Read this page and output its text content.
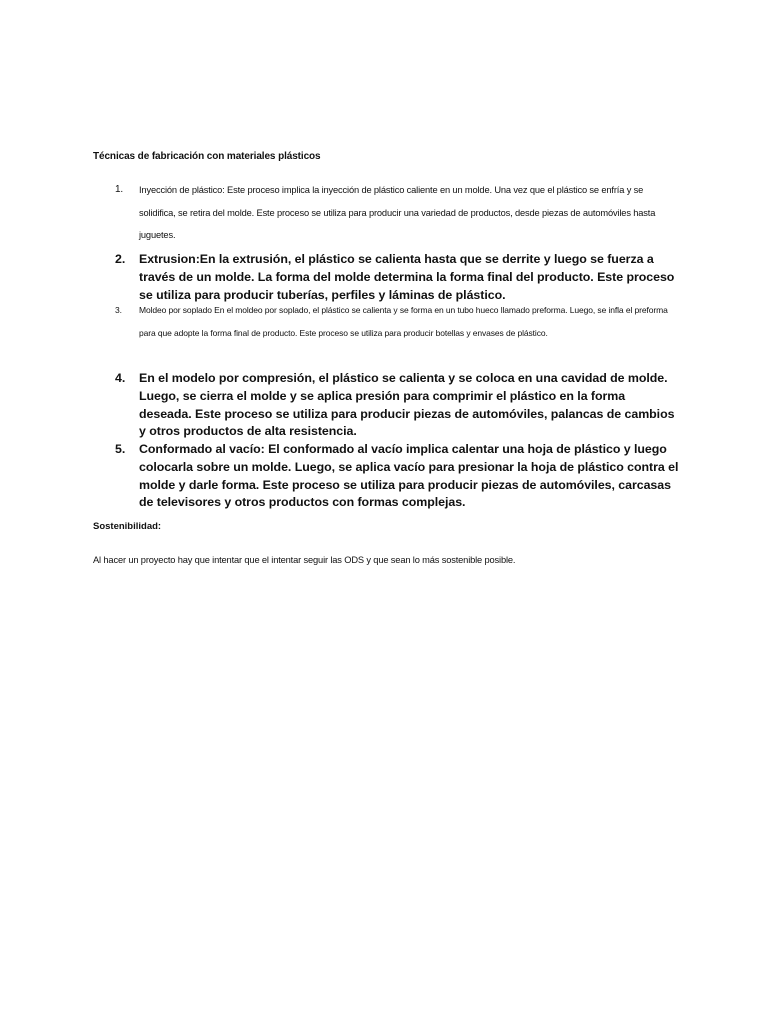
Técnicas de fabricación con materiales plásticos
1. Inyección de plástico: Este proceso implica la inyección de plástico caliente en un molde. Una vez que el plástico se enfría y se solidifica, se retira del molde. Este proceso se utiliza para producir una variedad de productos, desde piezas de automóviles hasta juguetes.
2. Extrusion:En la extrusión, el plástico se calienta hasta que se derrite y luego se fuerza a través de un molde. La forma del molde determina la forma final del producto. Este proceso se utiliza para producir tuberías, perfiles y láminas de plástico.
3. Moldeo por soplado En el moldeo por soplado, el plástico se calienta y se forma en un tubo hueco llamado preforma. Luego, se infla el preforma para que adopte la forma final de producto. Este proceso se utiliza para producir botellas y envases de plástico.
4. En el modelo por compresión, el plástico se calienta y se coloca en una cavidad de molde. Luego, se cierra el molde y se aplica presión para comprimir el plástico en la forma deseada. Este proceso se utiliza para producir piezas de automóviles, palancas de cambios y otros productos de alta resistencia.
5. Conformado al vacío: El conformado al vacío implica calentar una hoja de plástico y luego colocarla sobre un molde. Luego, se aplica vacío para presionar la hoja de plástico contra el molde y darle forma. Este proceso se utiliza para producir piezas de automóviles, carcasas de televisores y otros productos con formas complejas.
Sostenibilidad:
Al hacer un proyecto hay que intentar que el intentar seguir las ODS y que sean lo más sostenible posible.
